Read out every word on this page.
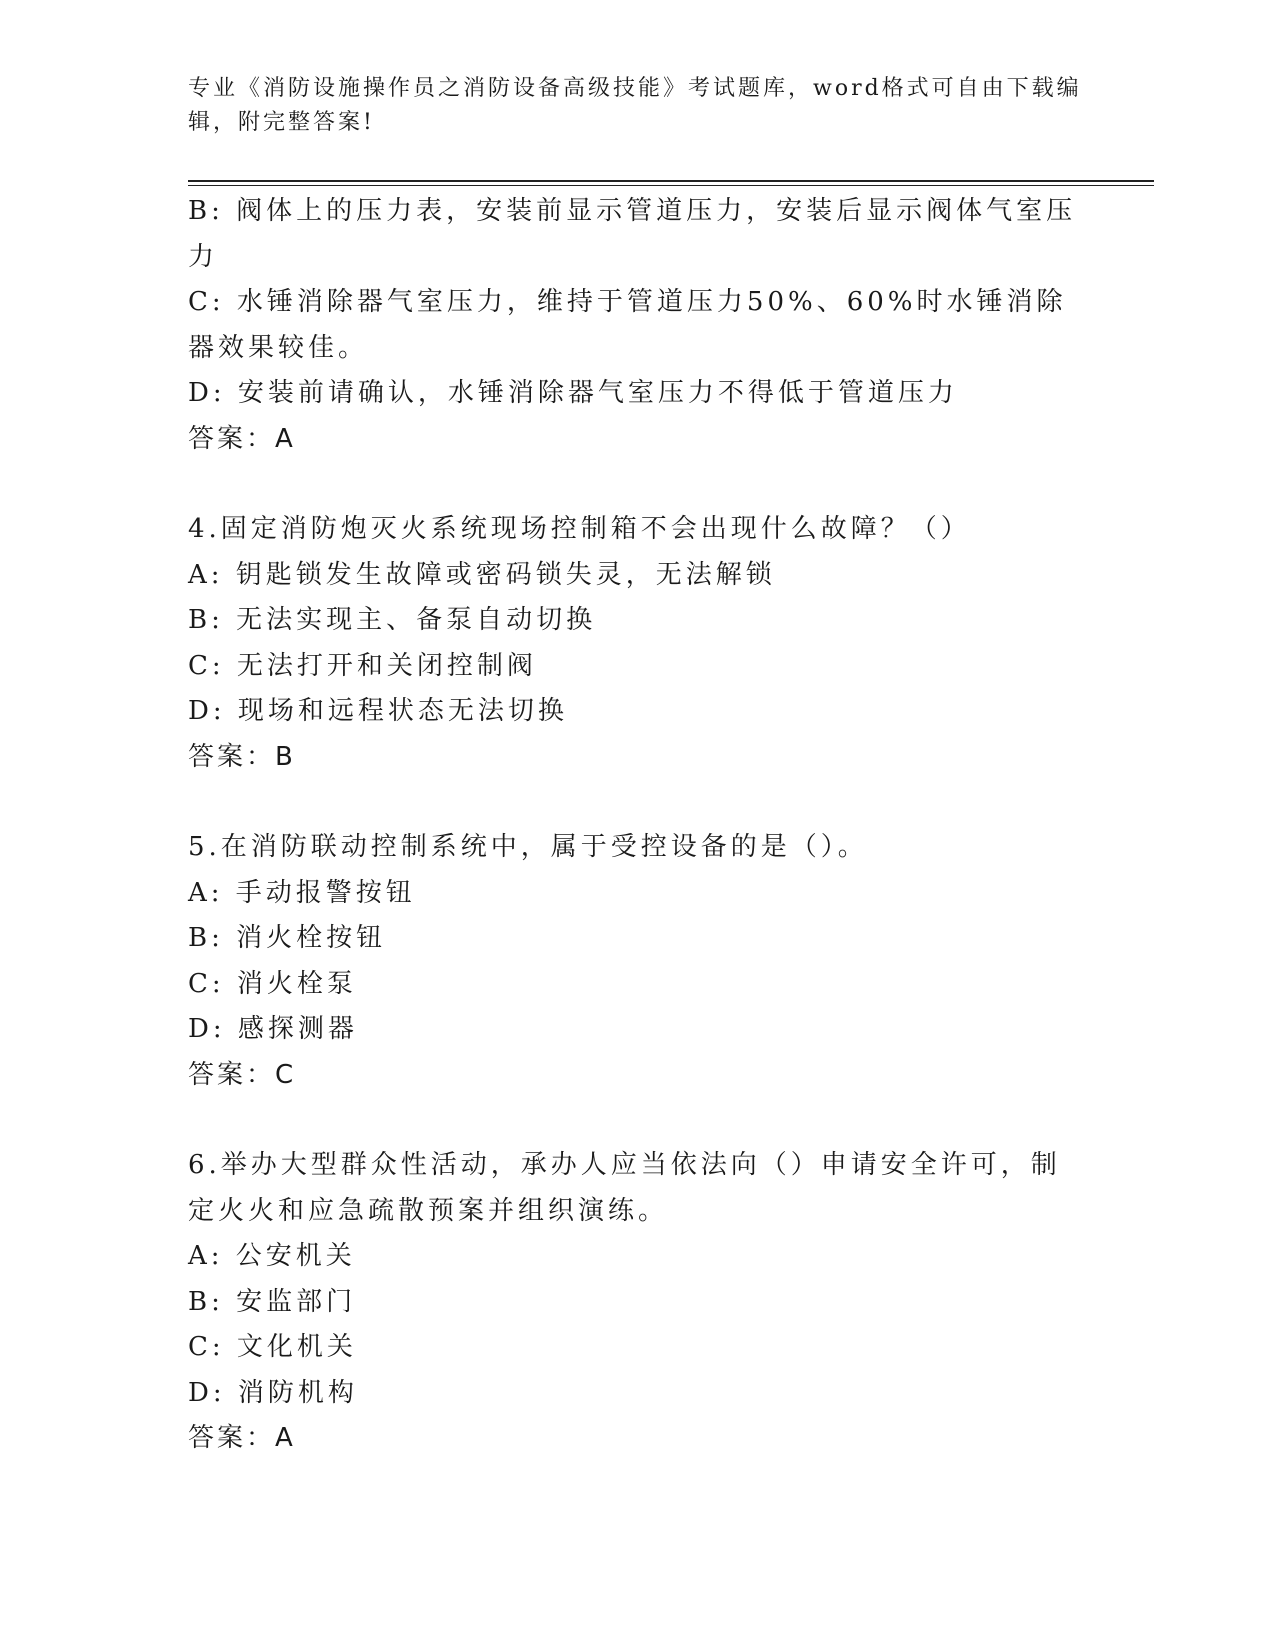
专业《消防设施操作员之消防设备高级技能》考试题库，word格式可自由下载编辑，附完整答案!

B: 阀体上的压力表，安装前显示管道压力，安装后显示阀体气室压力

C: 水锤消除器气室压力，维持于管道压力50%、60%时水锤消除器效果较佳。

D: 安装前请确认，水锤消除器气室压力不得低于管道压力

答案：A

4.固定消防炮灭火系统现场控制箱不会出现什么故障？（）

A: 钥匙锁发生故障或密码锁失灵，无法解锁

B: 无法实现主、备泵自动切换

C: 无法打开和关闭控制阀

D: 现场和远程状态无法切换

答案：B

5.在消防联动控制系统中，属于受控设备的是（）。

A: 手动报警按钮

B: 消火栓按钮

C: 消火栓泵

D: 感探测器

答案：C

6.举办大型群众性活动，承办人应当依法向（）申请安全许可，制定火火和应急疏散预案并组织演练。

A: 公安机关

B: 安监部门

C: 文化机关

D: 消防机构

答案：A
